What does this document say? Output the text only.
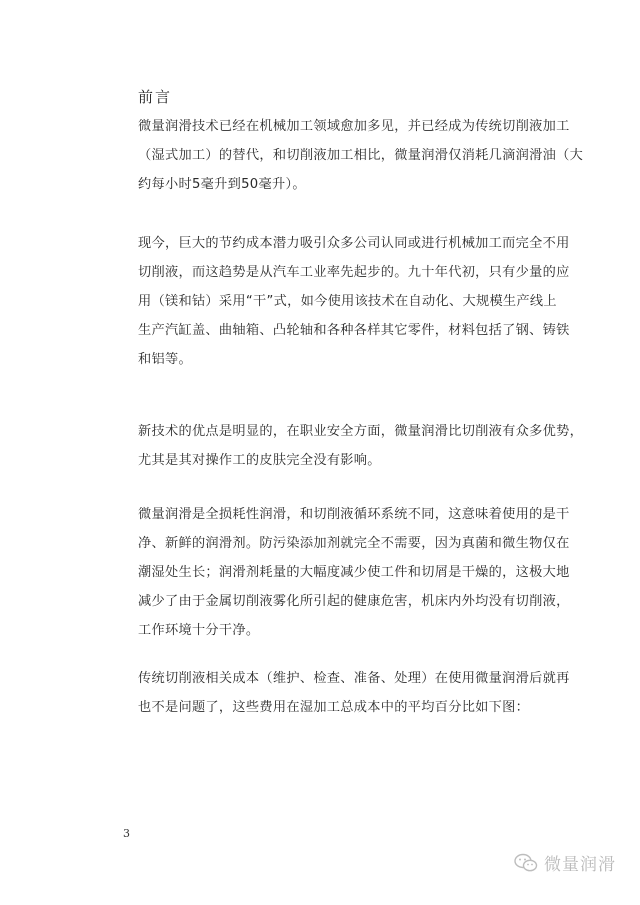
前言

微量润滑技术已经在机械加工领域愈加多见，并已经成为传统切削液加工
（湿式加工）的替代，和切削液加工相比，微量润滑仅消耗几滴润滑油（大
约每小时5毫升到50毫升）。

现今，巨大的节约成本潜力吸引众多公司认同或进行机械加工而完全不用
切削液，而这趋势是从汽车工业率先起步的。九十年代初，只有少量的应
用（镁和钴）采用“干”式，如今使用该技术在自动化、大规模生产线上
生产汽缸盖、曲轴箱、凸轮轴和各种各样其它零件，材料包括了钢、铸铁
和铝等。

新技术的优点是明显的，在职业安全方面，微量润滑比切削液有众多优势，
尤其是其对操作工的皮肤完全没有影响。

微量润滑是全损耗性润滑，和切削液循环系统不同，这意味着使用的是干
净、新鲜的润滑剂。防污染添加剂就完全不需要，因为真菌和微生物仅在
潮湿处生长；润滑剂耗量的大幅度减少使工件和切屑是干燥的，这极大地
减少了由于金属切削液雾化所引起的健康危害，机床内外均没有切削液，
工作环境十分干净。

传统切削液相关成本（维护、检查、准备、处理）在使用微量润滑后就再
也不是问题了，这些费用在湿加工总成本中的平均百分比如下图：

3
微量润滑
